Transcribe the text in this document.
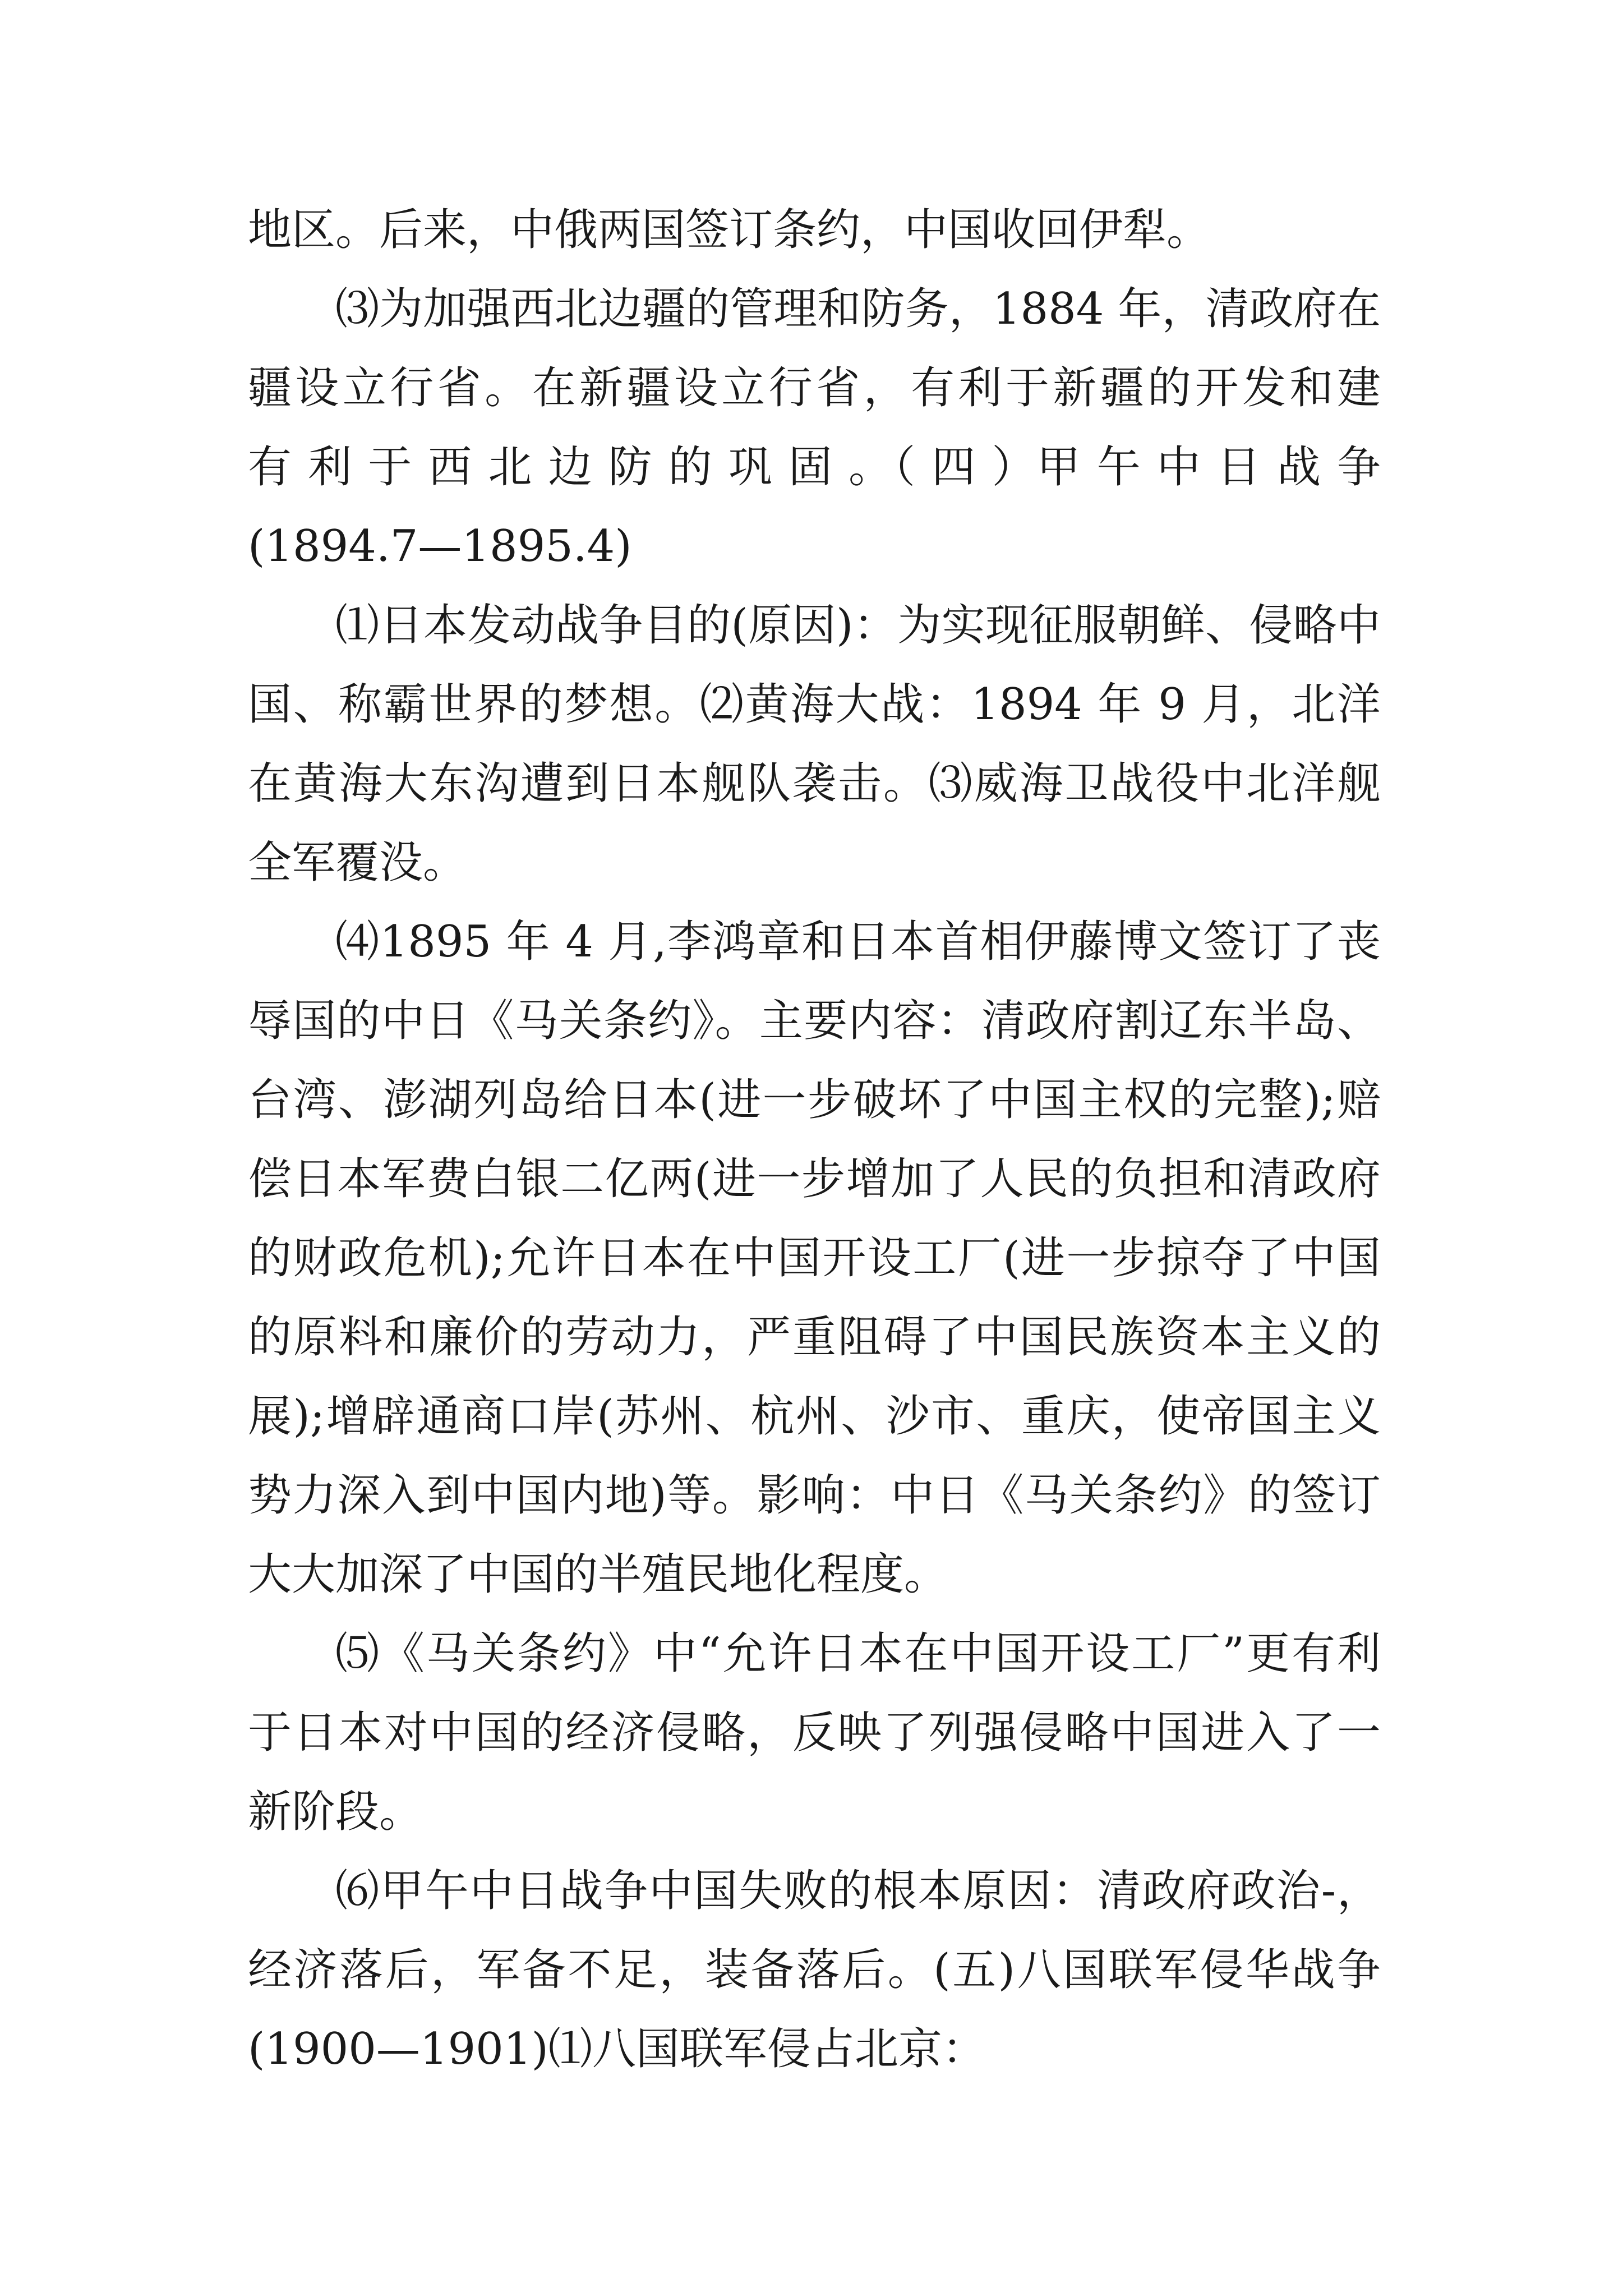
地区。后来，中俄两国签订条约，中国收回伊犁。
⑶为加强西北边疆的管理和防务，1884 年，清政府在
疆设立行省。在新疆设立行省，有利于新疆的开发和建
有 利 于 西 北 边 防 的 巩 固 。（ 四 ）甲 午 中 日 战 争
(1894.7—1895.4)
⑴日本发动战争目的(原因)：为实现征服朝鲜、侵略中
国、称霸世界的梦想。⑵黄海大战：1894 年 9 月，北洋
在黄海大东沟遭到日本舰队袭击。⑶威海卫战役中北洋舰
全军覆没。
⑷1895 年 4 月,李鸿章和日本首相伊藤博文签订了丧
辱国的中日《马关条约》。主要内容：清政府割辽东半岛、
台湾、澎湖列岛给日本(进一步破坏了中国主权的完整);赔
偿日本军费白银二亿两(进一步增加了人民的负担和清政府
的财政危机);允许日本在中国开设工厂(进一步掠夺了中国
的原料和廉价的劳动力，严重阻碍了中国民族资本主义的
展);增辟通商口岸(苏州、杭州、沙市、重庆，使帝国主义
势力深入到中国内地)等。影响：中日《马关条约》的签订
大大加深了中国的半殖民地化程度。
⑸《马关条约》中“允许日本在中国开设工厂”更有利
于日本对中国的经济侵略，反映了列强侵略中国进入了一
新阶段。
⑹甲午中日战争中国失败的根本原因：清政府政治-，
经济落后，军备不足，装备落后。(五)八国联军侵华战争
(1900—1901)⑴八国联军侵占北京：
